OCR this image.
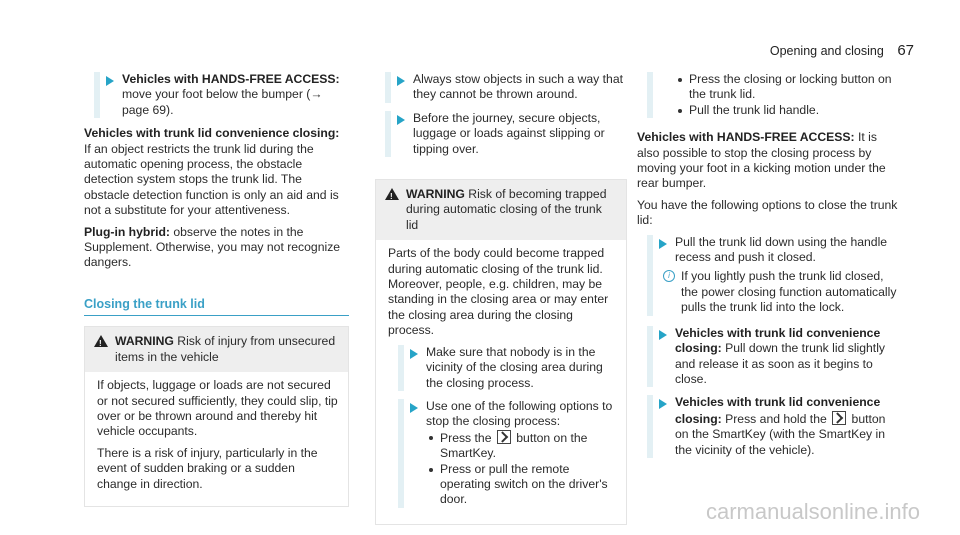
Opening and closing 67
Vehicles with HANDS-FREE ACCESS: move your foot below the bumper (→ page 69).

Vehicles with trunk lid convenience closing:
If an object restricts the trunk lid during the automatic opening process, the obstacle detection system stops the trunk lid. The obstacle detection function is only an aid and is not a substitute for your attentiveness.

Plug-in hybrid: observe the notes in the Supplement. Otherwise, you may not recognize dangers.

Closing the trunk lid
!
WARNING Risk of injury from unsecured items in the vehicle

If objects, luggage or loads are not secured or not secured sufficiently, they could slip, tip over or be thrown around and thereby hit vehicle occupants.

There is a risk of injury, particularly in the event of sudden braking or a sudden change in direction.

Always stow objects in such a way that they cannot be thrown around.
Before the journey, secure objects, luggage or loads against slipping or tipping over.
!
WARNING Risk of becoming trapped during automatic closing of the trunk lid

Parts of the body could become trapped during automatic closing of the trunk lid. Moreover, people, e.g. children, may be standing in the closing area or may enter the closing area during the closing process.

Make sure that nobody is in the vicinity of the closing area during the closing process.
Use one of the following options to stop the closing process:
Press the button on the SmartKey.
Press or pull the remote operating switch on the driver's door.
Press the closing or locking button on the trunk lid.
Pull the trunk lid handle.

Vehicles with HANDS-FREE ACCESS: It is also possible to stop the closing process by moving your foot in a kicking motion under the rear bumper.

You have the following options to close the trunk lid:

Pull the trunk lid down using the handle recess and push it closed.
i If you lightly push the trunk lid closed, the power closing function automatically pulls the trunk lid into the lock.
Vehicles with trunk lid convenience closing: Pull down the trunk lid slightly and release it as soon as it begins to close.
Vehicles with trunk lid convenience closing: Press and hold the button on the SmartKey (with the SmartKey in the vicinity of the vehicle).
carmanualsonline.info
